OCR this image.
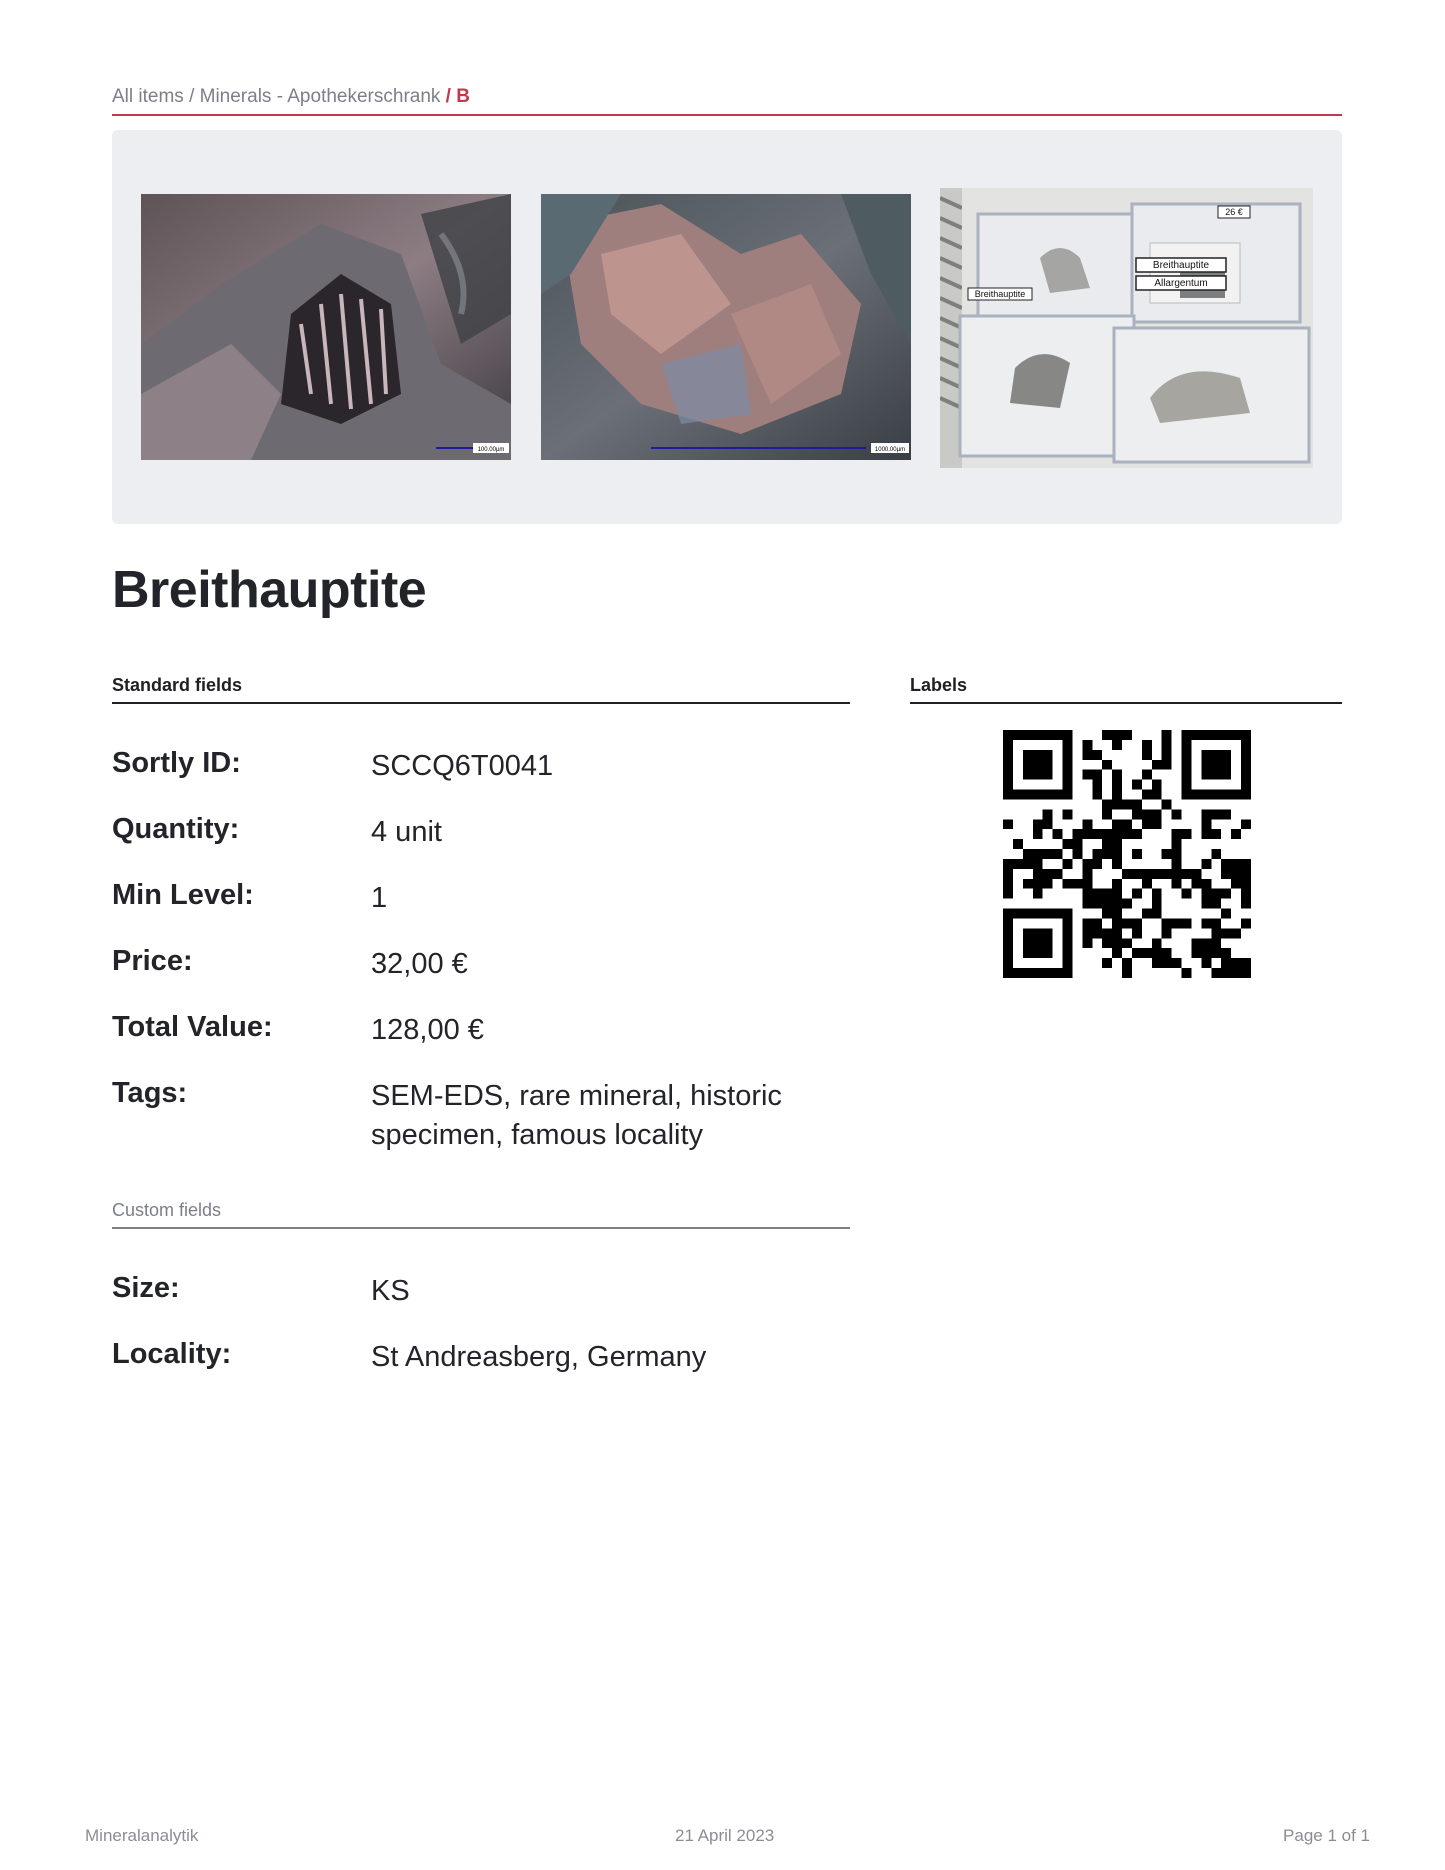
All items / Minerals - Apothekerschrank / B
100.00µm	1000.00µm
Breithauptite
Allargentum
Breithauptite
26 €
Breithauptite
Standard fields	Labels
Sortly ID:	SCCQ6T0041
Quantity:	4 unit
Min Level:	1
Price:	32,00 €
Total Value:	128,00 €
Tags:	SEM-EDS, rare mineral, historic specimen, famous locality
Custom fields
Size:	KS
Locality:	St Andreasberg, Germany
Mineralanalytik	21 April 2023	Page 1 of 1
